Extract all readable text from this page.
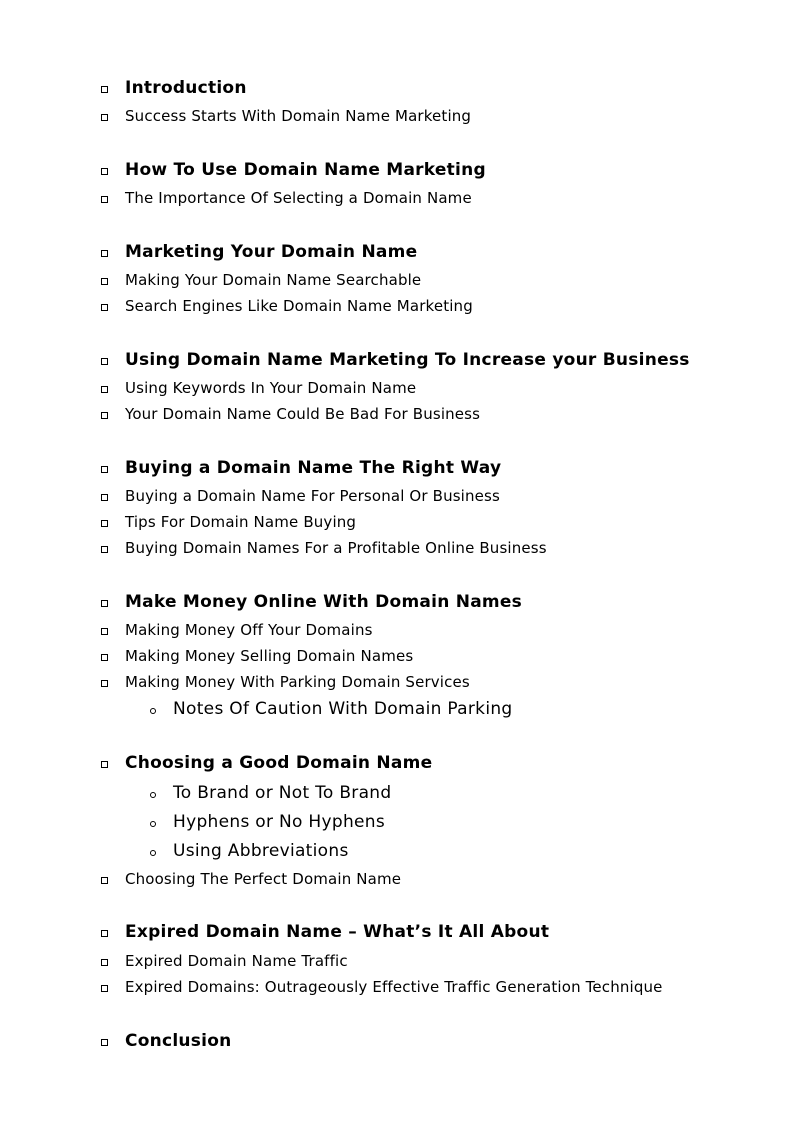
Introduction
Success Starts With Domain Name Marketing
How To Use Domain Name Marketing
The Importance Of Selecting a Domain Name
Marketing Your Domain Name
Making Your Domain Name Searchable
Search Engines Like Domain Name Marketing
Using Domain Name Marketing To Increase your Business
Using Keywords In Your Domain Name
Your Domain Name Could Be Bad For Business
Buying a Domain Name The Right Way
Buying a Domain Name For Personal Or Business
Tips For Domain Name Buying
Buying Domain Names For a Profitable Online Business
Make Money Online With Domain Names
Making Money Off Your Domains
Making Money Selling Domain Names
Making Money With Parking Domain Services
Notes Of Caution With Domain Parking
Choosing a Good Domain Name
To Brand or Not To Brand
Hyphens or No Hyphens
Using Abbreviations
Choosing The Perfect Domain Name
Expired Domain Name – What’s It All About
Expired Domain Name Traffic
Expired Domains: Outrageously Effective Traffic Generation Technique
Conclusion
